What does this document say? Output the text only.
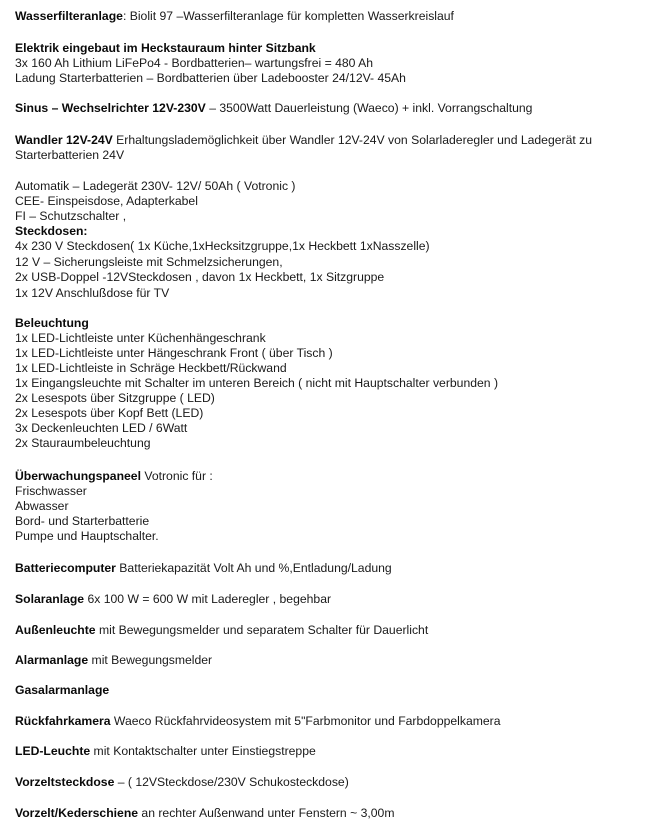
Wasserfilteranlage: Biolit 97 –Wasserfilteranlage für kompletten Wasserkreislauf
Elektrik eingebaut im Heckstauraum hinter Sitzbank
3x 160 Ah Lithium LiFePo4 - Bordbatterien– wartungsfrei = 480 Ah
Ladung Starterbatterien – Bordbatterien über Ladebooster 24/12V- 45Ah
Sinus – Wechselrichter 12V-230V – 3500Watt Dauerleistung (Waeco) + inkl. Vorrangschaltung
Wandler 12V-24V Erhaltungslademöglichkeit über Wandler 12V-24V von Solarladeregler und Ladegerät zu
Starterbatterien 24V
Automatik – Ladegerät 230V- 12V/ 50Ah ( Votronic )
CEE- Einspeisdose, Adapterkabel
FI – Schutzschalter ,
Steckdosen:
4x 230 V Steckdosen( 1x Küche,1xHecksitzgruppe,1x Heckbett 1xNasszelle)
12 V – Sicherungsleiste mit Schmelzsicherungen,
2x USB-Doppel -12VSteckdosen , davon 1x Heckbett, 1x Sitzgruppe
1x 12V Anschlußdose für TV
Beleuchtung
1x LED-Lichtleiste unter Küchenhängeschrank
1x LED-Lichtleiste unter Hängeschrank Front ( über Tisch )
1x LED-Lichtleiste in Schräge Heckbett/Rückwand
1x Eingangsleuchte mit Schalter im unteren Bereich ( nicht mit Hauptschalter verbunden )
2x Lesespots über Sitzgruppe ( LED)
2x Lesespots über Kopf Bett (LED)
3x Deckenleuchten LED / 6Watt
2x Stauraumbeleuchtung
Überwachungspaneel Votronic für :
Frischwasser
Abwasser
Bord- und Starterbatterie
Pumpe und Hauptschalter.
Batteriecomputer Batteriekapazität Volt Ah und %,Entladung/Ladung
Solaranlage 6x 100 W = 600 W mit Laderegler , begehbar
Außenleuchte mit Bewegungsmelder und separatem Schalter für Dauerlicht
Alarmanlage mit Bewegungsmelder
Gasalarmanlage
Rückfahrkamera Waeco Rückfahrvideosystem mit 5"Farbmonitor und Farbdoppelkamera
LED-Leuchte mit Kontaktschalter unter Einstiegstreppe
Vorzeltsteckdose – ( 12VSteckdose/230V Schukosteckdose)
Vorzelt/Kederschiene an rechter Außenwand unter Fenstern ~ 3,00m
